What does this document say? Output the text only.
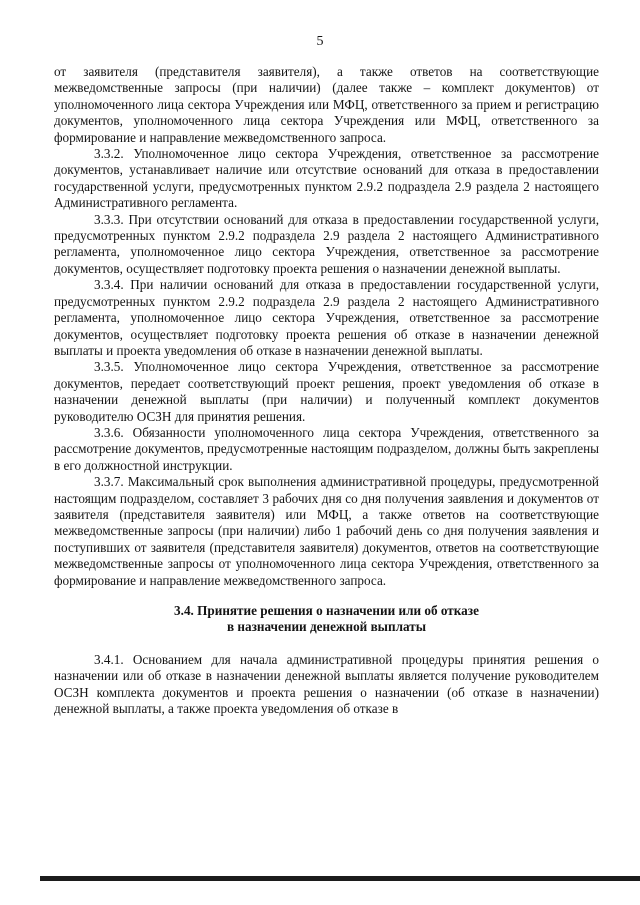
5

от заявителя (представителя заявителя), а также ответов на соответствующие межведомственные запросы (при наличии) (далее также – комплект документов) от уполномоченного лица сектора Учреждения или МФЦ, ответственного за прием и регистрацию документов, уполномоченного лица сектора Учреждения или МФЦ, ответственного за формирование и направление межведомственного запроса.

3.3.2. Уполномоченное лицо сектора Учреждения, ответственное за рассмотрение документов, устанавливает наличие или отсутствие оснований для отказа в предоставлении государственной услуги, предусмотренных пунктом 2.9.2 подраздела 2.9 раздела 2 настоящего Административного регламента.

3.3.3. При отсутствии оснований для отказа в предоставлении государственной услуги, предусмотренных пунктом 2.9.2 подраздела 2.9 раздела 2 настоящего Административного регламента, уполномоченное лицо сектора Учреждения, ответственное за рассмотрение документов, осуществляет подготовку проекта решения о назначении денежной выплаты.

3.3.4. При наличии оснований для отказа в предоставлении государственной услуги, предусмотренных пунктом 2.9.2 подраздела 2.9 раздела 2 настоящего Административного регламента, уполномоченное лицо сектора Учреждения, ответственное за рассмотрение документов, осуществляет подготовку проекта решения об отказе в назначении денежной выплаты и проекта уведомления об отказе в назначении денежной выплаты.

3.3.5. Уполномоченное лицо сектора Учреждения, ответственное за рассмотрение документов, передает соответствующий проект решения, проект уведомления об отказе в назначении денежной выплаты (при наличии) и полученный комплект документов руководителю ОСЗН для принятия решения.

3.3.6. Обязанности уполномоченного лица сектора Учреждения, ответственного за рассмотрение документов, предусмотренные настоящим подразделом, должны быть закреплены в его должностной инструкции.

3.3.7. Максимальный срок выполнения административной процедуры, предусмотренной настоящим подразделом, составляет 3 рабочих дня со дня получения заявления и документов от заявителя (представителя заявителя) или МФЦ, а также ответов на соответствующие межведомственные запросы (при наличии) либо 1 рабочий день со дня получения заявления и поступивших от заявителя (представителя заявителя) документов, ответов на соответствующие межведомственные запросы от уполномоченного лица сектора Учреждения, ответственного за формирование и направление межведомственного запроса.

3.4. Принятие решения о назначении или об отказе
в назначении денежной выплаты

3.4.1. Основанием для начала административной процедуры принятия решения о назначении или об отказе в назначении денежной выплаты является получение руководителем ОСЗН комплекта документов и проекта решения о назначении (об отказе в назначении) денежной выплаты, а также проекта уведомления об отказе в
